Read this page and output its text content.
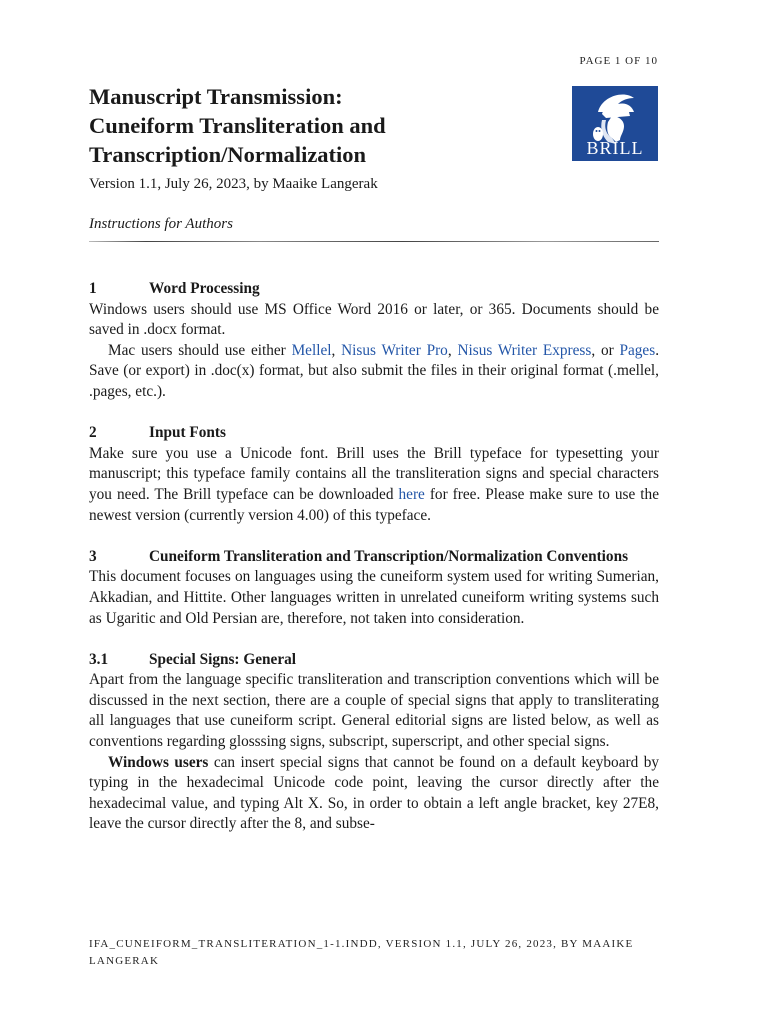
PAGE 1 OF 10
BRILL
Manuscript Transmission:
Cuneiform Transliteration and
Transcription/Normalization
Version 1.1, July 26, 2023, by Maaike Langerak
Instructions for Authors
1	Word Processing

Windows users should use MS Office Word 2016 or later, or 365. Documents should be saved in .docx format.

Mac users should use either Mellel, Nisus Writer Pro, Nisus Writer Express, or Pages. Save (or export) in .doc(x) format, but also submit the files in their original format (.mellel, .pages, etc.).

2	Input Fonts

Make sure you use a Unicode font. Brill uses the Brill typeface for typesetting your manuscript; this typeface family contains all the transliteration signs and special characters you need. The Brill typeface can be downloaded here for free. Please make sure to use the newest version (currently version 4.00) of this typeface.

3	Cuneiform Transliteration and Transcription/Normalization Conventions

This document focuses on languages using the cuneiform system used for writing Sumerian, Akkadian, and Hittite. Other languages written in unrelated cuneiform writing systems such as Ugaritic and Old Persian are, therefore, not taken into consideration.

3.1	Special Signs: General

Apart from the language specific transliteration and transcription conventions which will be discussed in the next section, there are a couple of special signs that apply to transliterating all languages that use cuneiform script. General editorial signs are listed below, as well as conventions regarding glosssing signs, subscript, superscript, and other special signs.

Windows users can insert special signs that cannot be found on a default keyboard by typing in the hexadecimal Unicode code point, leaving the cursor directly after the hexadecimal value, and typing Alt X. So, in order to obtain a left angle bracket, key 27E8, leave the cursor directly after the 8, and subse-

IFA_CUNEIFORM_TRANSLITERATION_1-1.INDD, VERSION 1.1, JULY 26, 2023, BY MAAIKE LANGERAK
